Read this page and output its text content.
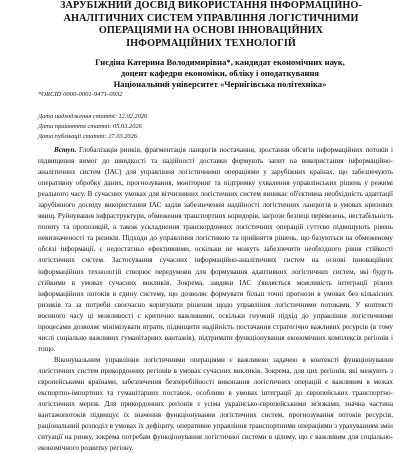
ЗАРУБІЖНИЙ ДОСВІД ВИКОРИСТАННЯ ІНФОРМАЦІЙНО-
АНАЛІТИЧНИХ СИСТЕМ УПРАВЛІННЯ ЛОГІСТИЧНИМИ
ОПЕРАЦІЯМИ НА ОСНОВІ ІННОВАЦІЙНИХ
ІНФОРМАЦІЙНИХ ТЕХНОЛОГІЙ
Гнєдіна Катерина Володимирівна*, кандидат економічних наук,
доцент кафедри економіки, обліку і оподаткування
Національний університет «Чернігівська політехніка»
*ORCID 0000-0001-9471-0932
Дата надходження статті: 12.02.2026
Дата прийняття статті: 05.03.2026
Дата публікації статті: 27.03.2026

Вступ. Глобалізація ринків, фрагментація ланцюгів постачання, зростання обсягів інформаційних потоків і підвищення вимог до швидкості та надійності доставки формують запит на використання інформаційно-аналітичних систем (ІАС) для управління логістичними операціями у зарубіжних країнах, що забезпечують оперативну обробку даних, прогнозування, моніторинг та підтримку ухвалення управлінських рішень у режимі реального часу. В сучасних умовах для вітчизняних логістичних систем виникає об'єктивна необхідність адаптації зарубіжного досвіду використання ІАС задля забезпечення надійності логістичних ланцюгів в умовах кризових явищ. Руйнування інфраструктури, обмеження транспортних коридорів, загрози безпеці перевезень, нестабільність попиту та пропозицій, а також ускладнення транскордонних логістичних операцій суттєво підвищують рівень невизначеності та ризиків. Підходи до управління логістикою та прийняття рішень, що базуються на обмеженому обсязі інформації, є недостатньо ефективними, оскільки не можуть забезпечити необхідного рівня стійкості логістичних систем. Застосування сучасних інформаційно-аналітичних систем на основі інноваційних інформаційних технологій створює передумови для формування адаптивних логістичних систем, які будуть стійкими в умовах сучасних викликів. Зокрема, завдяки ІАС з'являється можливість інтеграції різних інформаційних потоків в єдину систему, що дозволяє формувати більш точні прогнози в умовах без кількісних ризиків та за потреби своєчасно коригувати рішення щодо управління логістичними потоками. У контексті воєнного часу ці можливості є критично важливими, оскільки гнучкий підхід до управління логістичними процесами дозволяє мінімізувати втрати, підвищити надійність постачання стратегічно важливих ресурсів (в тому числі соціально важливих гуманітарних вантажів), підтримати функціонування економічних комплексів регіонів і тощо.

Віконувальним управління логістичними операціями є важливою задачею в контексті функціонування логістичних систем прикордонних регіонів в умовах сучасних викликів. Зокрема, для цих регіонів, які межують з європейськими країнами, забезпечення безперебійності виконання логістичних операцій є важливим в межах експортно-імпортних та гуманітарних поставок, особливо в умовах інтеграції до європейських транспортно-логістичних мереж. Для прикордонних регіонів з усіма українсько-європейськими зв'язками, значна частина вантажопотоків підвищує їх значення функціонування логістичних систем, прогнозування потоків ресурсів, раціональний розподіл в умовах їх дефіциту, оперативне управління транспортними операціями з урахуванням змін ситуації на ринку, зокрема потребам функціонування логістичної системи в цілому, що є важливим для соціально-економічного розвитку регіону.
